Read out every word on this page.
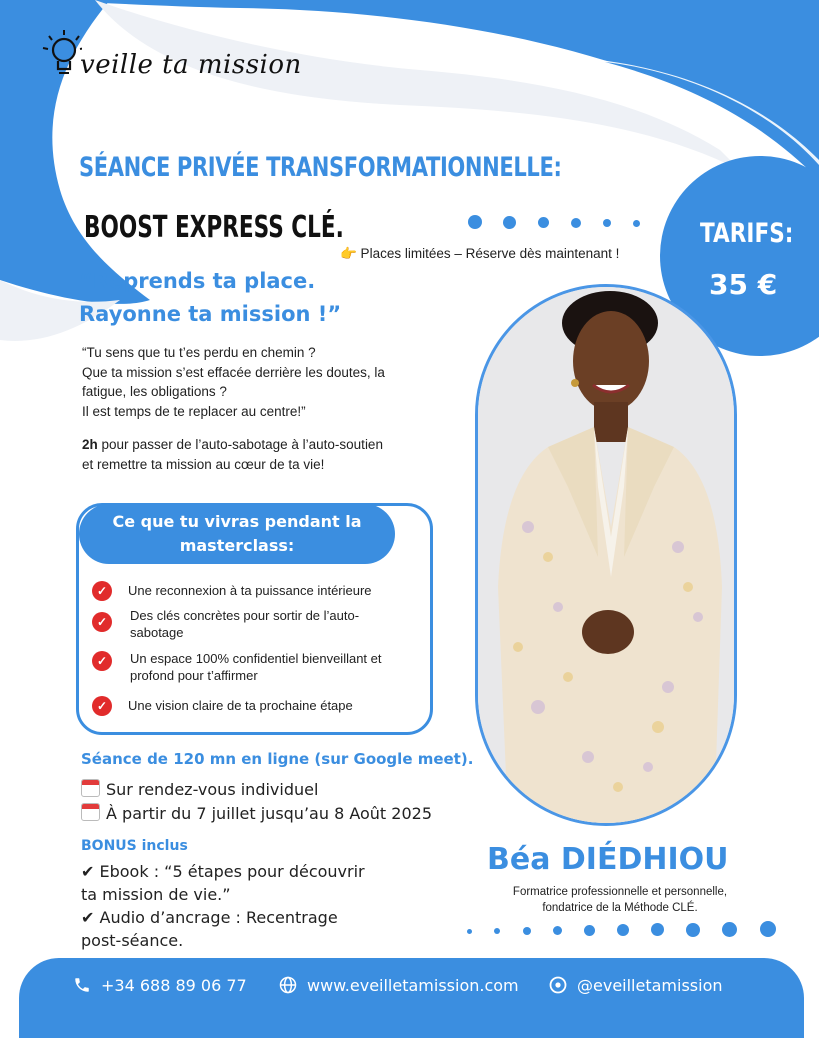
veille ta mission
SÉANCE PRIVÉE TRANSFORMATIONNELLE:
BOOST EXPRESS CLÉ.
👉 Places limitées – Réserve dès maintenant !
TARIFS:
35 €
“Reprends ta place.
Rayonne ta mission !”
“Tu sens que tu t’es perdu en chemin ?
Que ta mission s’est effacée derrière les doutes, la
fatigue, les obligations ?
Il est temps de te replacer au centre!”
2h pour passer de l’auto-sabotage à l’auto-soutien
et remettre ta mission au cœur de ta vie!
Ce que tu vivras pendant la
masterclass:
✓	Une reconnexion à ta puissance intérieure
✓	Des clés concrètes pour sortir de l’auto-
sabotage
✓	Un espace 100% confidentiel bienveillant et
profond pour t’affirmer
✓	Une vision claire de ta prochaine étape
Séance de 120 mn en ligne (sur Google meet).
Sur rendez-vous individuel
À partir du 7 juillet jusqu’au 8 Août 2025
BONUS inclus
✔ Ebook : “5 étapes pour découvrir
ta mission de vie.”
✔ Audio d’ancrage : Recentrage
post-séance.
Béa DIÉDHIOU
Formatrice professionnelle et personnelle,
fondatrice de la Méthode CLÉ.
+34 688 89 06 77	www.eveilletamission.com	@eveilletamission
